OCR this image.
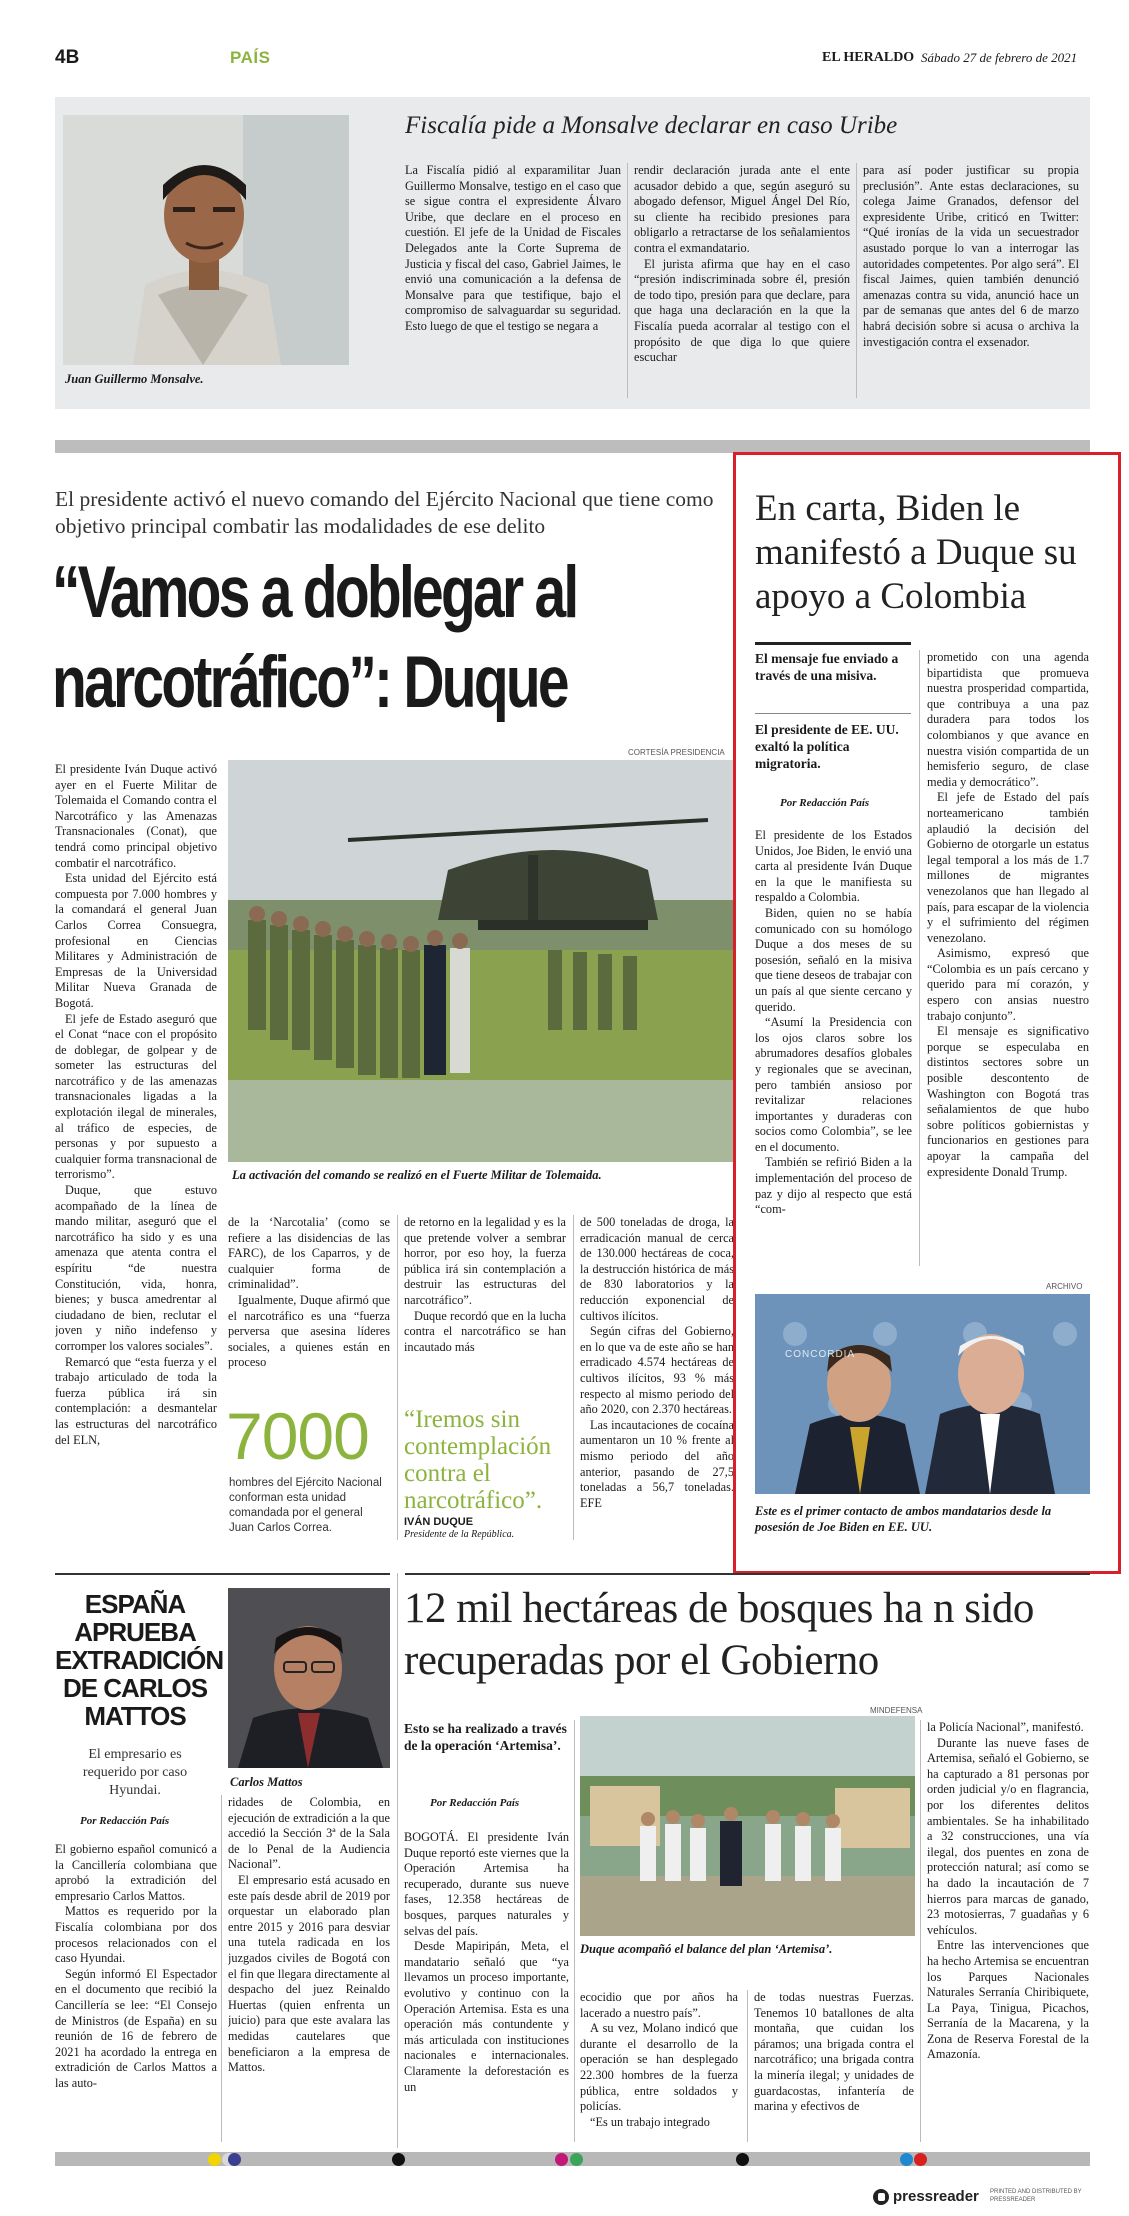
4B	PAÍS	EL HERALDO Sábado 27 de febrero de 2021
Juan Guillermo Monsalve.
Fiscalía pide a Monsalve declarar en caso Uribe

La Fiscalía pidió al exparamilitar Juan Guillermo Monsalve, testigo en el caso que se sigue contra el expresidente Álvaro Uribe, que declare en el proceso en cuestión. El jefe de la Unidad de Fiscales Delegados ante la Corte Suprema de Justicia y fiscal del caso, Gabriel Jaimes, le envió una comunicación a la defensa de Monsalve para que testifique, bajo el compromiso de salvaguardar su seguridad. Esto luego de que el testigo se negara a

rendir declaración jurada ante el ente acusador debido a que, según aseguró su abogado defensor, Miguel Ángel Del Río, su cliente ha recibido presiones para obligarlo a retractarse de los señalamientos contra el exmandatario.

El jurista afirma que hay en el caso “presión indiscriminada sobre él, presión de todo tipo, presión para que declare, para que haga una declaración en la que la Fiscalía pueda acorralar al testigo con el propósito de que diga lo que quiere escuchar

para así poder justificar su propia preclusión”. Ante estas declaraciones, su colega Jaime Granados, defensor del expresidente Uribe, criticó en Twitter: “Qué ironías de la vida un secuestrador asustado porque lo van a interrogar las autoridades competentes. Por algo será”. El fiscal Jaimes, quien también denunció amenazas contra su vida, anunció hace un par de semanas que antes del 6 de marzo habrá decisión sobre si acusa o archiva la investigación contra el exsenador.

El presidente activó el nuevo comando del Ejército Nacional que tiene como objetivo principal combatir las modalidades de ese delito
“Vamos a doblegar al narcotráfico”: Duque
CORTESÍA PRESIDENCIA
La activación del comando se realizó en el Fuerte Militar de Tolemaida.

El presidente Iván Duque activó ayer en el Fuerte Militar de Tolemaida el Comando contra el Narcotráfico y las Amenazas Transnacionales (Conat), que tendrá como principal objetivo combatir el narcotráfico.

Esta unidad del Ejército está compuesta por 7.000 hombres y la comandará el general Juan Carlos Correa Consuegra, profesional en Ciencias Militares y Administración de Empresas de la Universidad Militar Nueva Granada de Bogotá.

El jefe de Estado aseguró que el Conat “nace con el propósito de doblegar, de golpear y de someter las estructuras del narcotráfico y de las amenazas transnacionales ligadas a la explotación ilegal de minerales, al tráfico de especies, de personas y por supuesto a cualquier forma transnacional de terrorismo”.

Duque, que estuvo acompañado de la línea de mando militar, aseguró que el narcotráfico ha sido y es una amenaza que atenta contra el espíritu “de nuestra Constitución, vida, honra, bienes; y busca amedrentar al ciudadano de bien, reclutar el joven y niño indefenso y corromper los valores sociales”.

Remarcó que “esta fuerza y el trabajo articulado de toda la fuerza pública irá sin contemplación: a desmantelar las estructuras del narcotráfico del ELN,

de la ‘Narcotalia’ (como se refiere a las disidencias de las FARC), de los Caparros, y de cualquier forma de criminalidad”.

Igualmente, Duque afirmó que el narcotráfico es una “fuerza perversa que asesina líderes sociales, a quienes están en proceso

de retorno en la legalidad y es la que pretende volver a sembrar horror, por eso hoy, la fuerza pública irá sin contemplación a destruir las estructuras del narcotráfico”.

Duque recordó que en la lucha contra el narcotráfico se han incautado más

de 500 toneladas de droga, la erradicación manual de cerca de 130.000 hectáreas de coca, la destrucción histórica de más de 830 laboratorios y la reducción exponencial de cultivos ilícitos.

Según cifras del Gobierno, en lo que va de este año se han erradicado 4.574 hectáreas de cultivos ilícitos, 93 % más respecto al mismo periodo del año 2020, con 2.370 hectáreas.

Las incautaciones de cocaína aumentaron un 10 % frente al mismo periodo del año anterior, pasando de 27,5 toneladas a 56,7 toneladas. EFE

7000
hombres del Ejército Nacional conforman esta unidad comandada por el general Juan Carlos Correa.
“Iremos sin contemplación contra el narcotráfico”.
IVÁN DUQUE
Presidente de la República.
En carta, Biden le manifestó a Duque su apoyo a Colombia
El mensaje fue enviado a través de una misiva.
El presidente de EE. UU. exaltó la política migratoria.
Por Redacción País

El presidente de los Estados Unidos, Joe Biden, le envió una carta al presidente Iván Duque en la que le manifiesta su respaldo a Colombia.

Biden, quien no se había comunicado con su homólogo Duque a dos meses de su posesión, señaló en la misiva que tiene deseos de trabajar con un país al que siente cercano y querido.

“Asumí la Presidencia con los ojos claros sobre los abrumadores desafíos globales y regionales que se avecinan, pero también ansioso por revitalizar relaciones importantes y duraderas con socios como Colombia”, se lee en el documento.

También se refirió Biden a la implementación del proceso de paz y dijo al respecto que está “com-

prometido con una agenda bipartidista que promueva nuestra prosperidad compartida, que contribuya a una paz duradera para todos los colombianos y que avance en nuestra visión compartida de un hemisferio seguro, de clase media y democrático”.

El jefe de Estado del país norteamericano también aplaudió la decisión del Gobierno de otorgarle un estatus legal temporal a los más de 1.7 millones de migrantes venezolanos que han llegado al país, para escapar de la violencia y el sufrimiento del régimen venezolano.

Asimismo, expresó que “Colombia es un país cercano y querido para mí corazón, y espero con ansias nuestro trabajo conjunto”.

El mensaje es significativo porque se especulaba en distintos sectores sobre un posible descontento de Washington con Bogotá tras señalamientos de que hubo sobre políticos gobiernistas y funcionarios en gestiones para apoyar la campaña del expresidente Donald Trump.

ARCHIVO
CONCORDIA
Este es el primer contacto de ambos mandatarios desde la posesión de Joe Biden en EE. UU.
ESPAÑA APRUEBA EXTRADICIÓN DE CARLOS MATTOS
El empresario es requerido por caso Hyundai.
Por Redacción País
Carlos Mattos

El gobierno español comunicó a la Cancillería colombiana que aprobó la extradición del empresario Carlos Mattos.

Mattos es requerido por la Fiscalía colombiana por dos procesos relacionados con el caso Hyundai.

Según informó El Espectador en el documento que recibió la Cancillería se lee: “El Consejo de Ministros (de España) en su reunión de 16 de febrero de 2021 ha acordado la entrega en extradición de Carlos Mattos a las auto-

ridades de Colombia, en ejecución de extradición a la que accedió la Sección 3ª de la Sala de lo Penal de la Audiencia Nacional”.

El empresario está acusado en este país desde abril de 2019 por orquestar un elaborado plan entre 2015 y 2016 para desviar una tutela radicada en los juzgados civiles de Bogotá con el fin que llegara directamente al despacho del juez Reinaldo Huertas (quien enfrenta un juicio) para que este avalara las medidas cautelares que beneficiaron a la empresa de Mattos.

12 mil hectáreas de bosques ha n sido recuperadas por el Gobierno
Esto se ha realizado a través de la operación ‘Artemisa’.
Por Redacción País
MINDEFENSA
Duque acompañó el balance del plan ‘Artemisa’.

BOGOTÁ. El presidente Iván Duque reportó este viernes que la Operación Artemisa ha recuperado, durante sus nueve fases, 12.358 hectáreas de bosques, parques naturales y selvas del país.

Desde Mapiripán, Meta, el mandatario señaló que “ya llevamos un proceso importante, evolutivo y continuo con la Operación Artemisa. Esta es una operación más contundente y más articulada con instituciones nacionales e internacionales. Claramente la deforestación es un

ecocidio que por años ha lacerado a nuestro país”.

A su vez, Molano indicó que durante el desarrollo de la operación se han desplegado 22.300 hombres de la fuerza pública, entre soldados y policías.

“Es un trabajo integrado

de todas nuestras Fuerzas. Tenemos 10 batallones de alta montaña, que cuidan los páramos; una brigada contra el narcotráfico; una brigada contra la minería ilegal; y unidades de guardacostas, infantería de marina y efectivos de

la Policía Nacional”, manifestó.

Durante las nueve fases de Artemisa, señaló el Gobierno, se ha capturado a 81 personas por orden judicial y/o en flagrancia, por los diferentes delitos ambientales. Se ha inhabilitado a 32 construcciones, una vía ilegal, dos puentes en zona de protección natural; así como se ha dado la incautación de 7 hierros para marcas de ganado, 23 motosierras, 7 guadañas y 6 vehículos.

Entre las intervenciones que ha hecho Artemisa se encuentran los Parques Nacionales Naturales Serranía Chiribiquete, La Paya, Tinigua, Picachos, Serranía de la Macarena, y la Zona de Reserva Forestal de la Amazonía.

pressreader PRINTED AND DISTRIBUTED BY PRESSREADER
